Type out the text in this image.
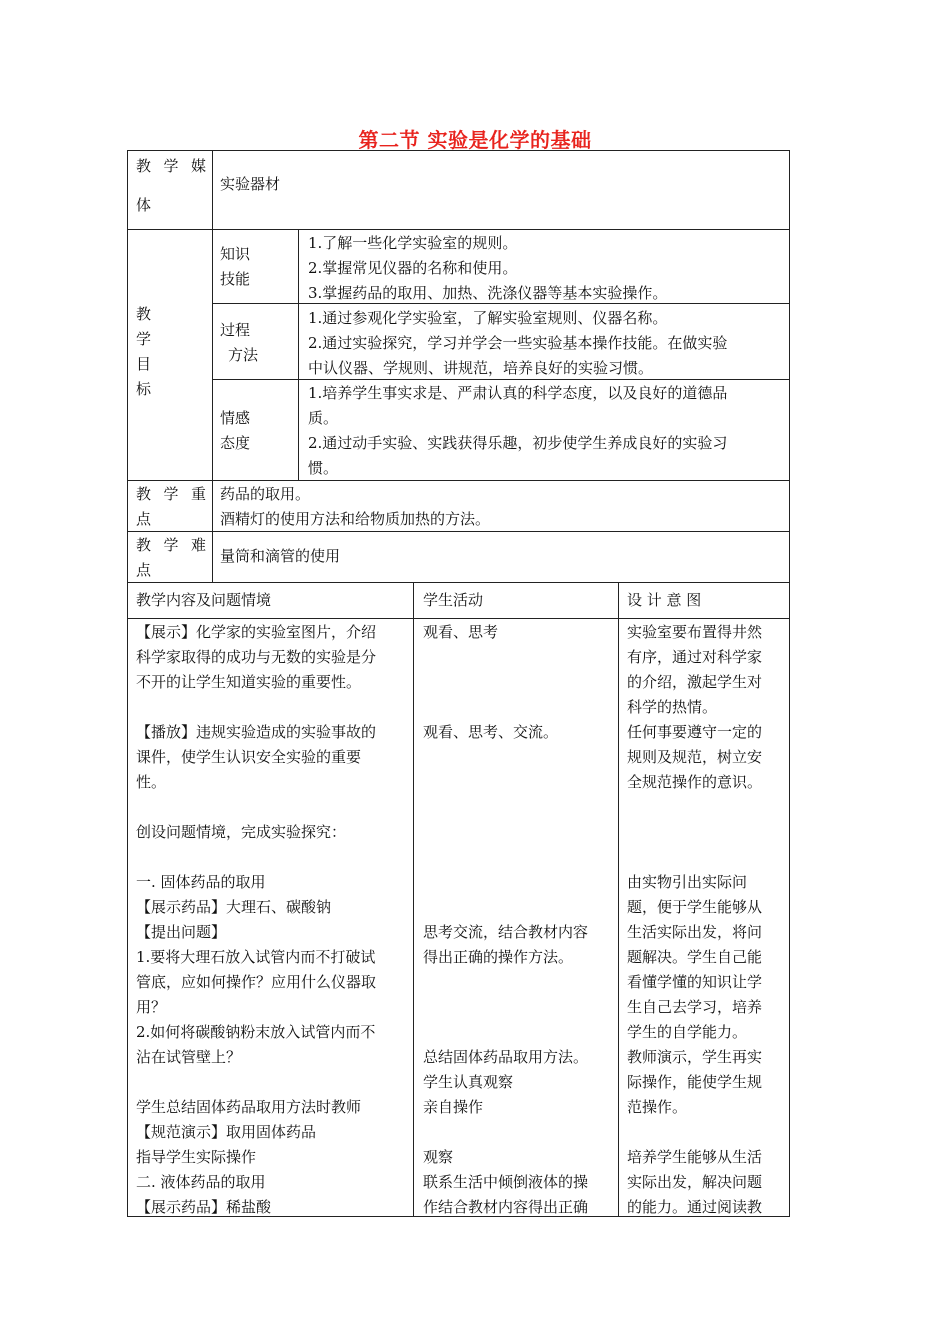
第二节 实验是化学的基础
教 学 媒
体
实验器材
教
学
目
标
知识
技能
1.了解一些化学实验室的规则。
2.掌握常见仪器的名称和使用。
3.掌握药品的取用、加热、洗涤仪器等基本实验操作。
过程
方法
1.通过参观化学实验室，了解实验室规则、仪器名称。
2.通过实验探究，学习并学会一些实验基本操作技能。在做实验
中认仪器、学规则、讲规范，培养良好的实验习惯。
情感
态度
1.培养学生事实求是、严肃认真的科学态度，以及良好的道德品
质。
2.通过动手实验、实践获得乐趣，初步使学生养成良好的实验习
惯。
教 学 重
点
药品的取用。
酒精灯的使用方法和给物质加热的方法。
教 学 难
点
量筒和滴管的使用
教学内容及问题情境	学生活动	设 计 意 图
【展示】化学家的实验室图片，介绍
科学家取得的成功与无数的实验是分
不开的让学生知道实验的重要性。
【播放】违规实验造成的实验事故的
课件，使学生认识安全实验的重要
性。
创设问题情境，完成实验探究：
一. 固体药品的取用
【展示药品】大理石、碳酸钠
【提出问题】
1.要将大理石放入试管内而不打破试
管底，应如何操作？应用什么仪器取
用？
2.如何将碳酸钠粉末放入试管内而不
沾在试管壁上？
学生总结固体药品取用方法时教师
【规范演示】取用固体药品
指导学生实际操作
二. 液体药品的取用
【展示药品】稀盐酸
观看、思考
观看、思考、交流。
思考交流，结合教材内容
得出正确的操作方法。
总结固体药品取用方法。
学生认真观察
亲自操作
观察
联系生活中倾倒液体的操
作结合教材内容得出正确
实验室要布置得井然
有序，通过对科学家
的介绍，激起学生对
科学的热情。
任何事要遵守一定的
规则及规范，树立安
全规范操作的意识。
由实物引出实际问
题，便于学生能够从
生活实际出发，将问
题解决。学生自己能
看懂学懂的知识让学
生自己去学习，培养
学生的自学能力。
教师演示，学生再实
际操作，能使学生规
范操作。
培养学生能够从生活
实际出发，解决问题
的能力。通过阅读教
